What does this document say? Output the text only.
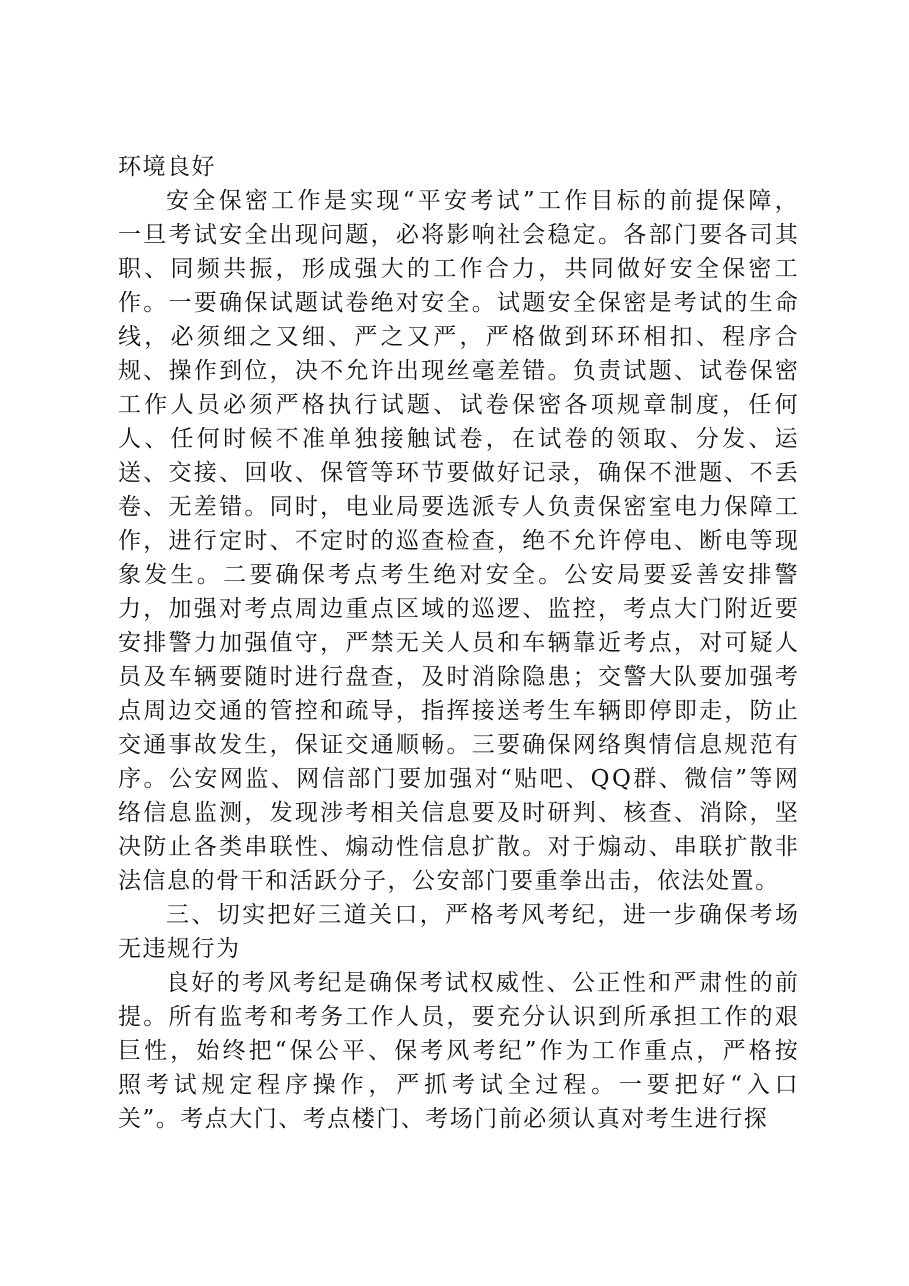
环境良好
安 全 保 密 工 作 是 实 现 “ 平 安 考 试 ” 工 作 目 标 的 前 提 保 障 ，
一 旦 考 试 安 全 出 现 问 题 ， 必 将 影 响 社 会 稳 定 。 各 部 门 要 各 司 其
职 、 同 频 共 振 ， 形 成 强 大 的 工 作 合 力 ， 共 同 做 好 安 全 保 密 工
作 。 一 要 确 保 试 题 试 卷 绝 对 安 全 。 试 题 安 全 保 密 是 考 试 的 生 命
线 ， 必 须 细 之 又 细 、 严 之 又 严 ， 严 格 做 到 环 环 相 扣 、 程 序 合
规 、 操 作 到 位 ， 决 不 允 许 出 现 丝 毫 差 错 。 负 责 试 题 、 试 卷 保 密
工 作 人 员 必 须 严 格 执 行 试 题 、 试 卷 保 密 各 项 规 章 制 度 ， 任 何
人 、 任 何 时 候 不 准 单 独 接 触 试 卷 ， 在 试 卷 的 领 取 、 分 发 、 运
送 、 交 接 、 回 收 、 保 管 等 环 节 要 做 好 记 录 ， 确 保 不 泄 题 、 不 丢
卷 、 无 差 错 。 同 时 ， 电 业 局 要 选 派 专 人 负 责 保 密 室 电 力 保 障 工
作 ， 进 行 定 时 、 不 定 时 的 巡 查 检 查 ， 绝 不 允 许 停 电 、 断 电 等 现
象 发 生 。 二 要 确 保 考 点 考 生 绝 对 安 全 。 公 安 局 要 妥 善 安 排 警
力 ， 加 强 对 考 点 周 边 重 点 区 域 的 巡 逻 、 监 控 ， 考 点 大 门 附 近 要
安 排 警 力 加 强 值 守 ， 严 禁 无 关 人 员 和 车 辆 靠 近 考 点 ， 对 可 疑 人
员 及 车 辆 要 随 时 进 行 盘 查 ， 及 时 消 除 隐 患 ； 交 警 大 队 要 加 强 考
点 周 边 交 通 的 管 控 和 疏 导 ， 指 挥 接 送 考 生 车 辆 即 停 即 走 ， 防 止
交 通 事 故 发 生 ， 保 证 交 通 顺 畅 。 三 要 确 保 网 络 舆 情 信 息 规 范 有
序 。 公 安 网 监 、 网 信 部 门 要 加 强 对 “ 贴 吧 、 Q Q 群 、 微 信 ” 等 网
络 信 息 监 测 ， 发 现 涉 考 相 关 信 息 要 及 时 研 判 、 核 查 、 消 除 ， 坚
决 防 止 各 类 串 联 性 、 煽 动 性 信 息 扩 散 。 对 于 煽 动 、 串 联 扩 散 非
法信息的骨干和活跃分子，公安部门要重拳出击，依法处置。
三 、 切 实 把 好 三 道 关 口 ， 严 格 考 风 考 纪 ， 进 一 步 确 保 考 场
无违规行为
良 好 的 考 风 考 纪 是 确 保 考 试 权 威 性 、 公 正 性 和 严 肃 性 的 前
提 。 所 有 监 考 和 考 务 工 作 人 员 ， 要 充 分 认 识 到 所 承 担 工 作 的 艰
巨 性 ， 始 终 把 “ 保 公 平 、 保 考 风 考 纪 ” 作 为 工 作 重 点 ， 严 格 按
照 考 试 规 定 程 序 操 作 ， 严 抓 考 试 全 过 程 。 一 要 把 好 “ 入 口
关”。考点大门、考点楼门、考场门前必须认真对考生进行探
